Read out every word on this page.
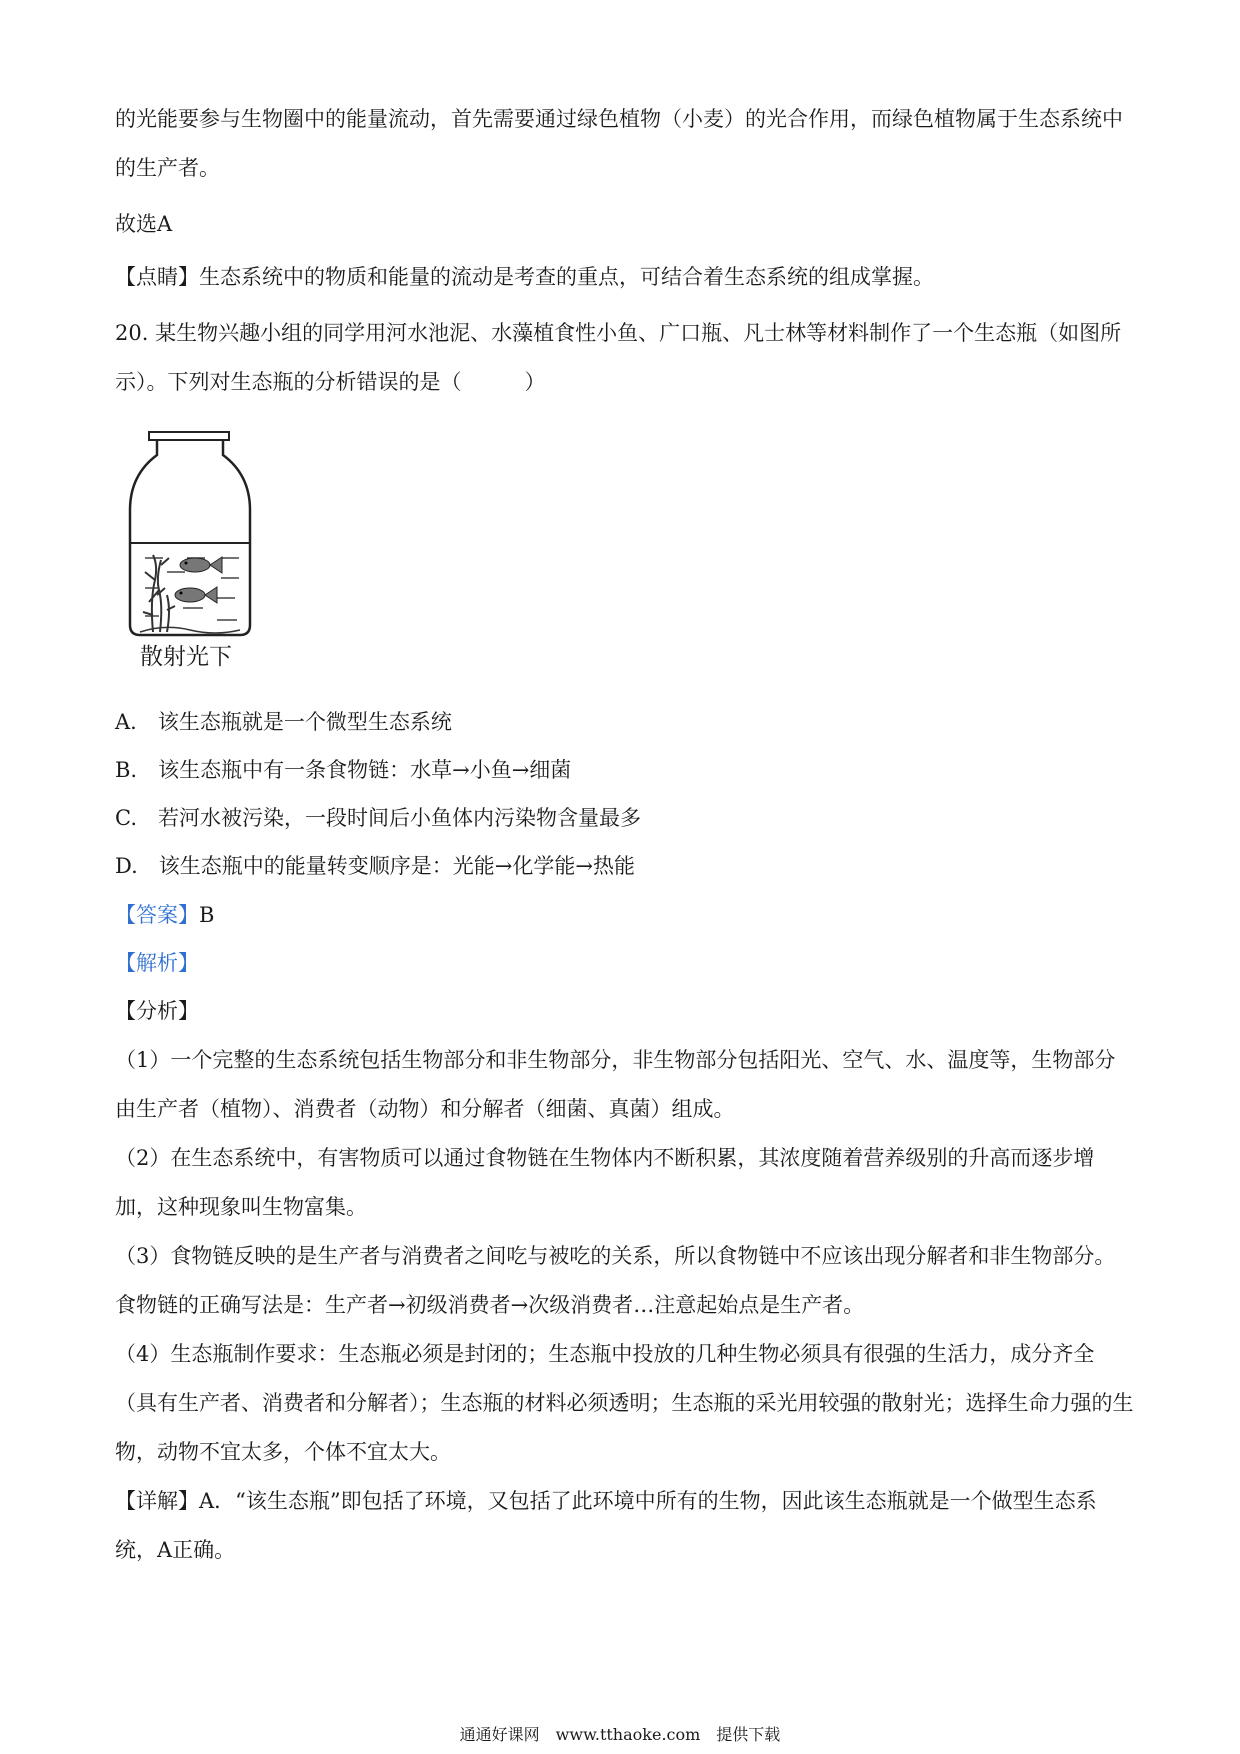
的光能要参与生物圈中的能量流动，首先需要通过绿色植物（小麦）的光合作用，而绿色植物属于生态系统中的生产者。

故选A

【点睛】生态系统中的物质和能量的流动是考查的重点，可结合着生态系统的组成掌握。

20. 某生物兴趣小组的同学用河水池泥、水藻植食性小鱼、广口瓶、凡士林等材料制作了一个生态瓶（如图所示）。下列对生态瓶的分析错误的是（　　　）

散射光下

A.　该生态瓶就是一个微型生态系统

B.　该生态瓶中有一条食物链：水草→小鱼→细菌

C.　若河水被污染，一段时间后小鱼体内污染物含量最多

D.　该生态瓶中的能量转变顺序是：光能→化学能→热能

【答案】B

【解析】

【分析】

（1）一个完整的生态系统包括生物部分和非生物部分，非生物部分包括阳光、空气、水、温度等，生物部分由生产者（植物）、消费者（动物）和分解者（细菌、真菌）组成。

（2）在生态系统中，有害物质可以通过食物链在生物体内不断积累，其浓度随着营养级别的升高而逐步增加，这种现象叫生物富集。

（3）食物链反映的是生产者与消费者之间吃与被吃的关系，所以食物链中不应该出现分解者和非生物部分。食物链的正确写法是：生产者→初级消费者→次级消费者…注意起始点是生产者。

（4）生态瓶制作要求：生态瓶必须是封闭的；生态瓶中投放的几种生物必须具有很强的生活力，成分齐全（具有生产者、消费者和分解者）；生态瓶的材料必须透明；生态瓶的采光用较强的散射光；选择生命力强的生物，动物不宜太多，个体不宜太大。

【详解】A．“该生态瓶”即包括了环境，又包括了此环境中所有的生物，因此该生态瓶就是一个做型生态系统，A正确。

通通好课网　www.tthaoke.com　提供下载
